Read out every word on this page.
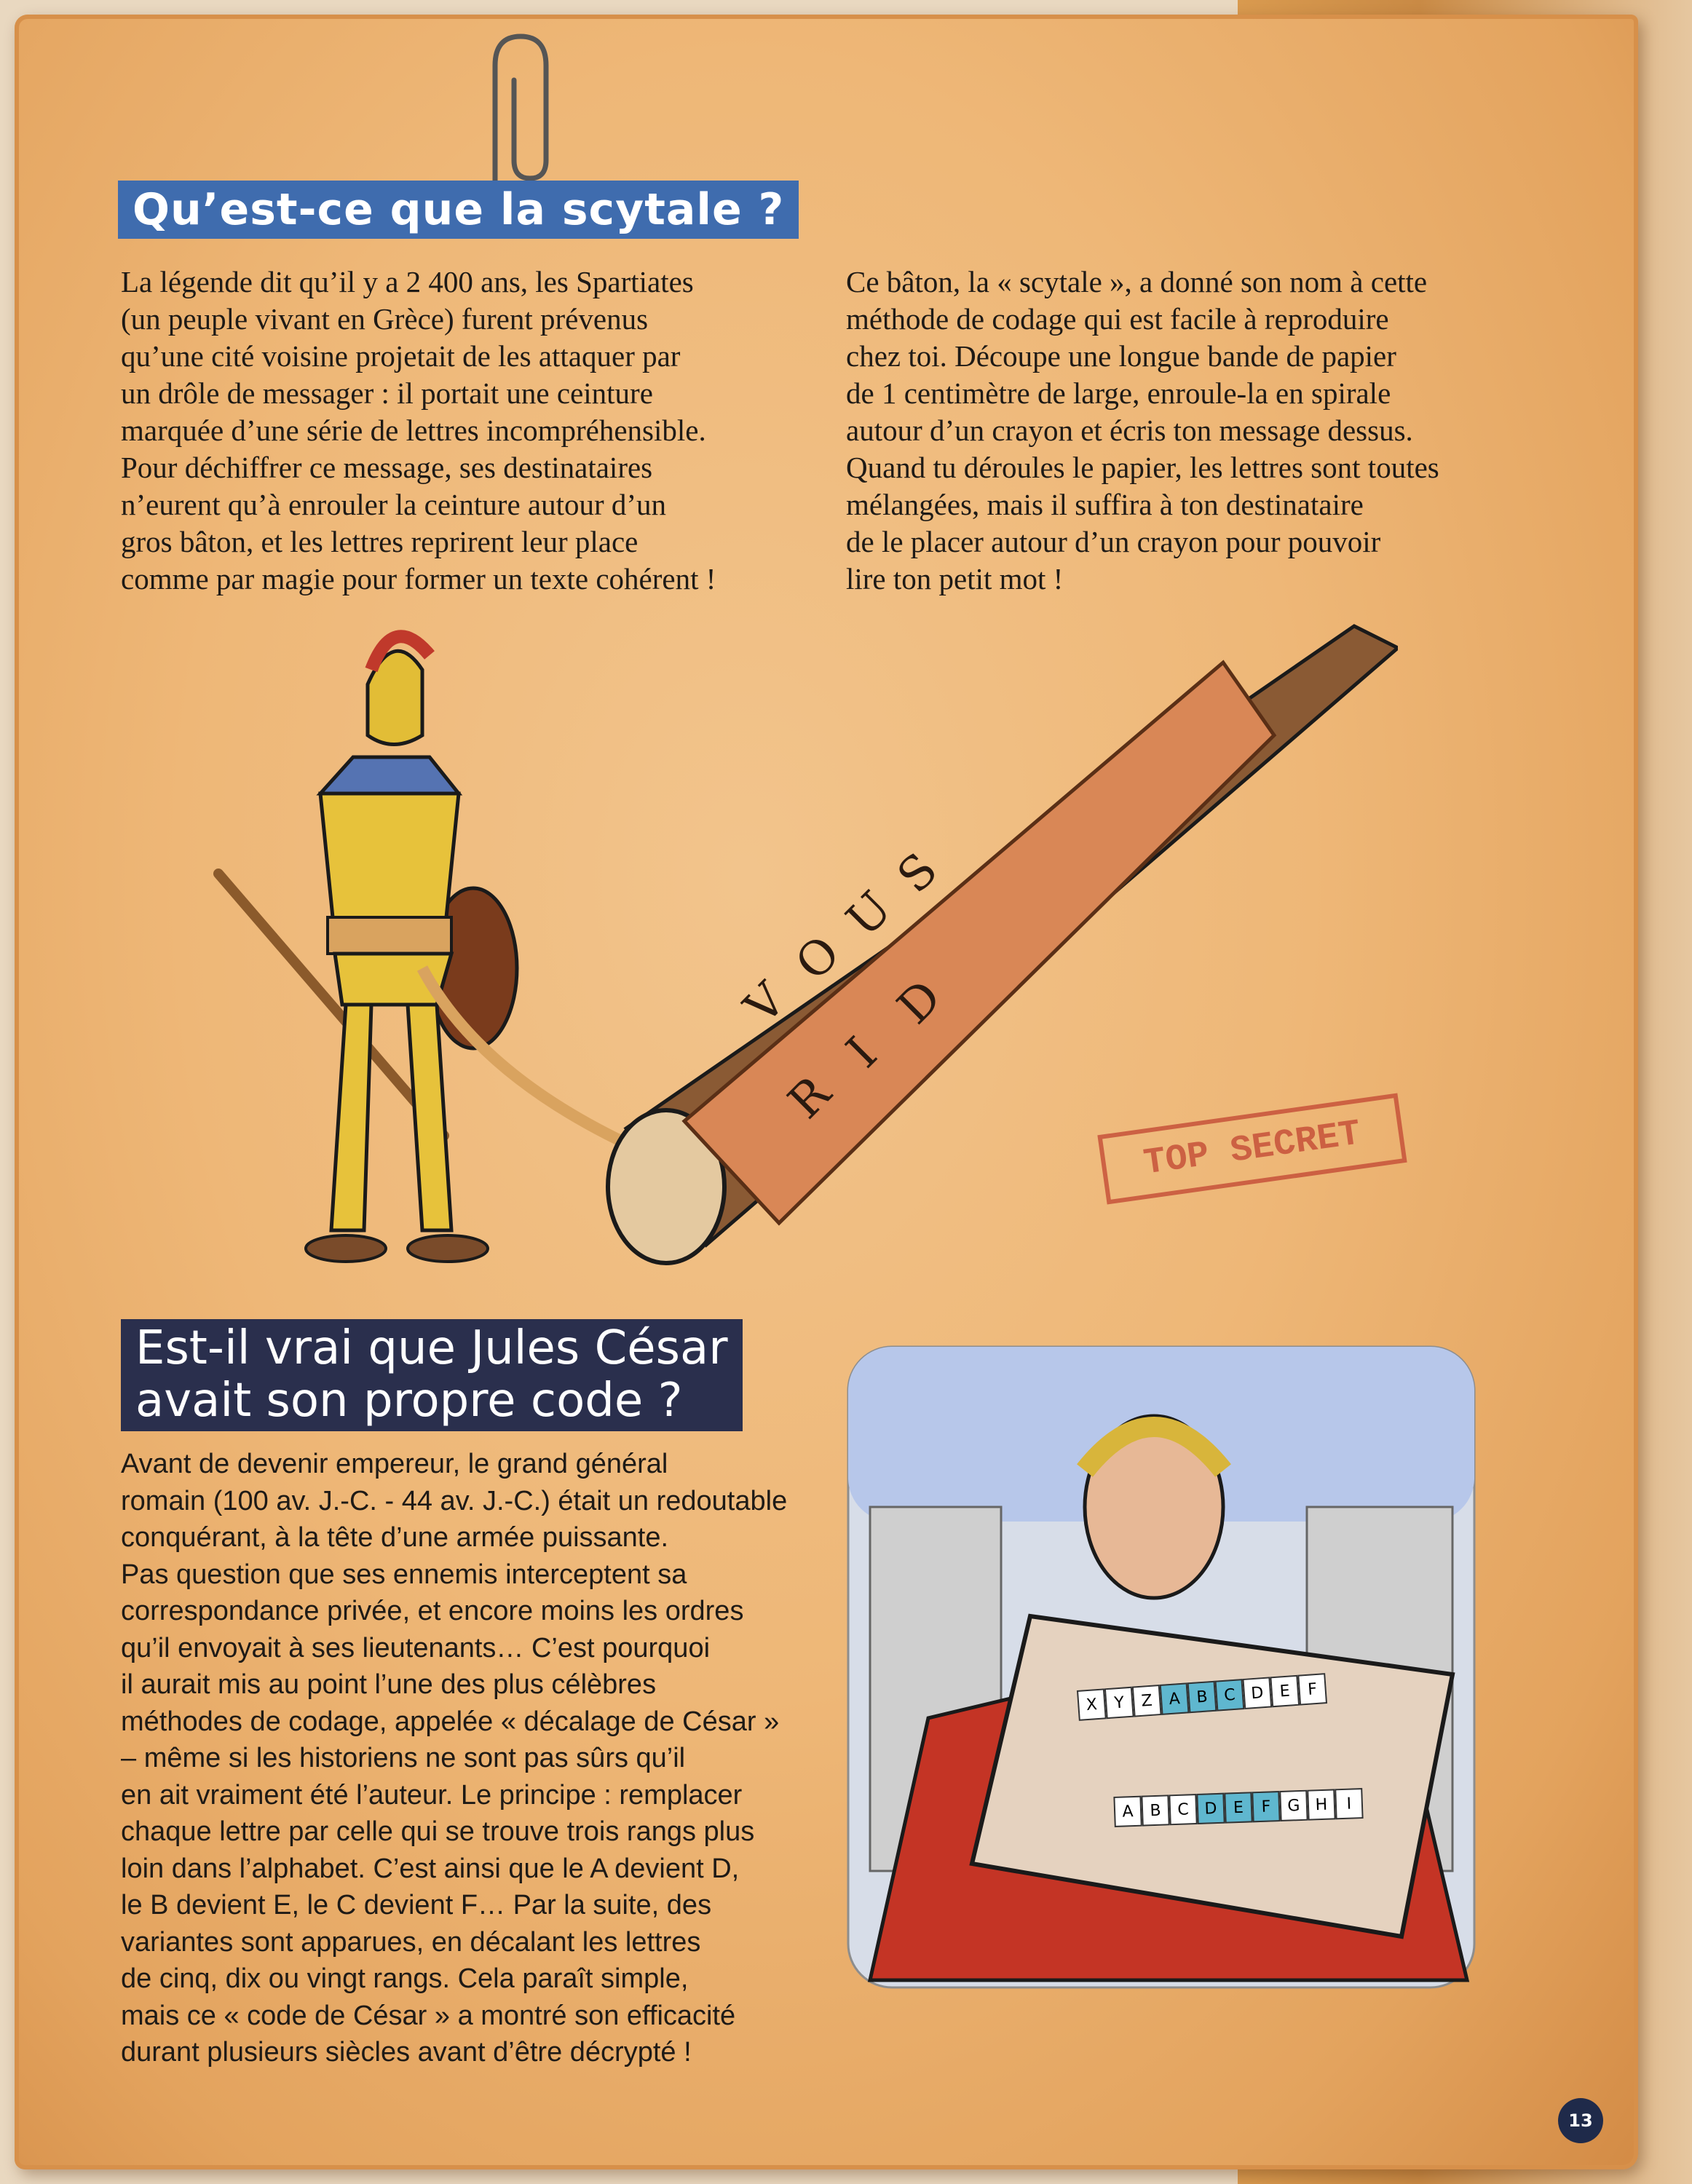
Qu’est-ce que la scytale ?

La légende dit qu’il y a 2 400 ans, les Spartiates
(un peuple vivant en Grèce) furent prévenus
qu’une cité voisine projetait de les attaquer par
un drôle de messager : il portait une ceinture
marquée d’une série de lettres incompréhensible.
Pour déchiffrer ce message, ses destinataires
n’eurent qu’à enrouler la ceinture autour d’un
gros bâton, et les lettres reprirent leur place
comme par magie pour former un texte cohérent !

Ce bâton, la « scytale », a donné son nom à cette
méthode de codage qui est facile à reproduire
chez toi. Découpe une longue bande de papier
de 1 centimètre de large, enroule-la en spirale
autour d’un crayon et écris ton message dessus.
Quand tu déroules le papier, les lettres sont toutes
mélangées, mais il suffira à ton destinataire
de le placer autour d’un crayon pour pouvoir
lire ton petit mot !

V
O
U
S
R
I
D
TOP SECRET
Est-il vrai que Jules César
avait son propre code ?

Avant de devenir empereur, le grand général
romain (100 av. J.-C. - 44 av. J.-C.) était un redoutable
conquérant, à la tête d’une armée puissante.
Pas question que ses ennemis interceptent sa
correspondance privée, et encore moins les ordres
qu’il envoyait à ses lieutenants… C’est pourquoi
il aurait mis au point l’une des plus célèbres
méthodes de codage, appelée « décalage de César »
– même si les historiens ne sont pas sûrs qu’il
en ait vraiment été l’auteur. Le principe : remplacer
chaque lettre par celle qui se trouve trois rangs plus
loin dans l’alphabet. C’est ainsi que le A devient D,
le B devient E, le C devient F… Par la suite, des
variantes sont apparues, en décalant les lettres
de cinq, dix ou vingt rangs. Cela paraît simple,
mais ce « code de César » a montré son efficacité
durant plusieurs siècles avant d’être décrypté !

X Y Z A B C D E	F
A	B C D E	F	G H	I
13
